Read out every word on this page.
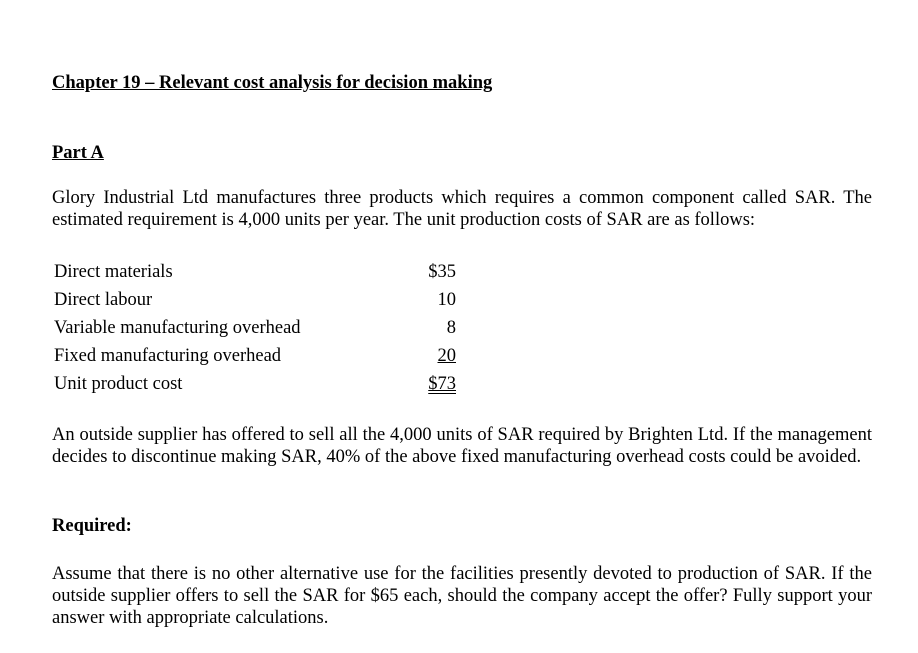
Chapter 19 – Relevant cost analysis for decision making
Part A

Glory Industrial Ltd manufactures three products which requires a common component called SAR. The estimated requirement is 4,000 units per year. The unit production costs of SAR are as follows:

Direct materials	$35
Direct labour	10
Variable manufacturing overhead	8
Fixed manufacturing overhead	20
Unit product cost	$73

An outside supplier has offered to sell all the 4,000 units of SAR required by Brighten Ltd. If the management decides to discontinue making SAR, 40% of the above fixed manufacturing overhead costs could be avoided.

Required:

Assume that there is no other alternative use for the facilities presently devoted to production of SAR. If the outside supplier offers to sell the SAR for $65 each, should the company accept the offer? Fully support your answer with appropriate calculations.
